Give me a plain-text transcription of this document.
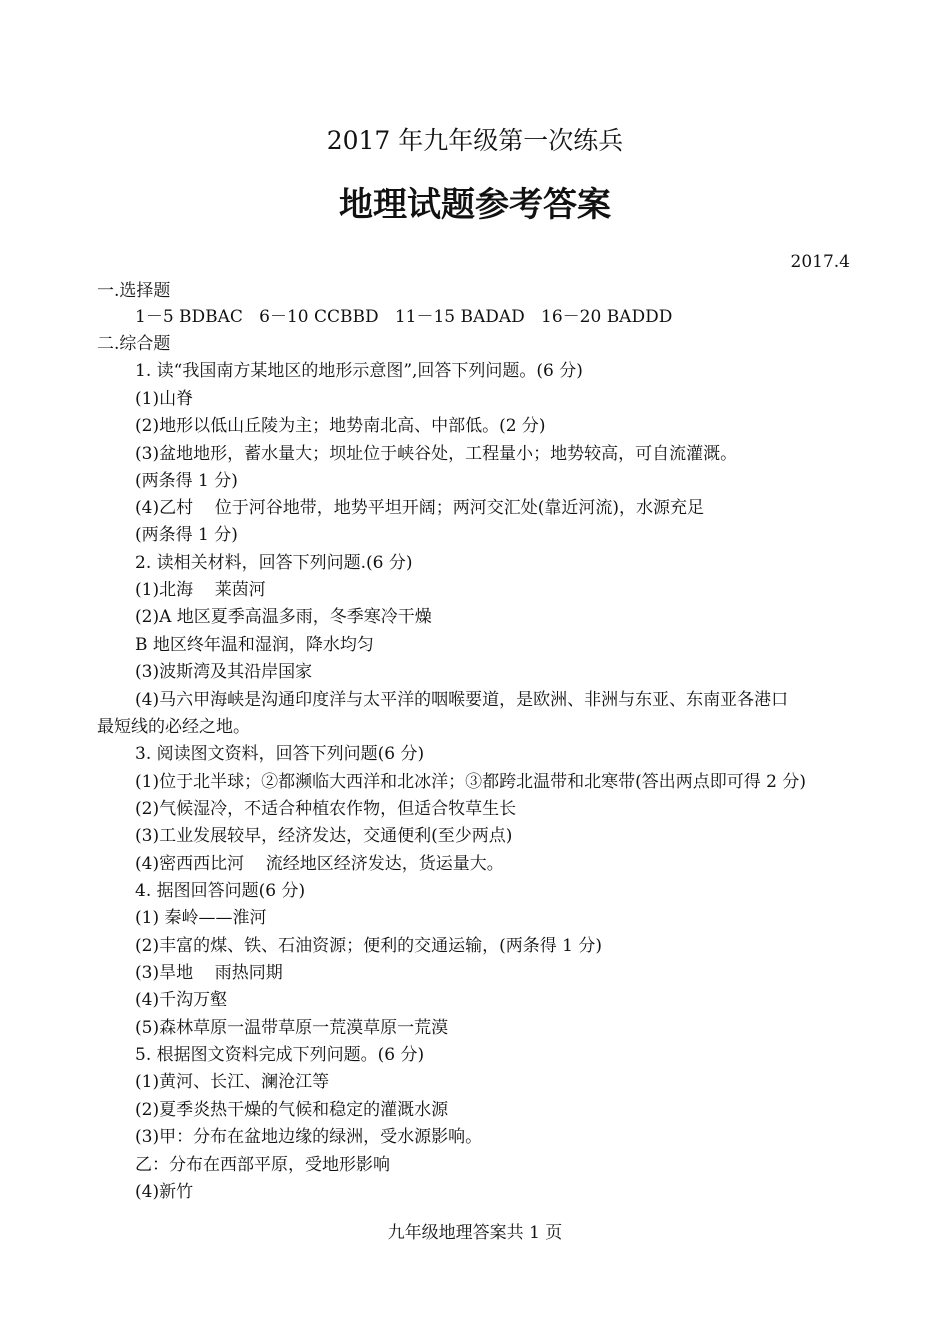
2017 年九年级第一次练兵
地理试题参考答案
2017.4
一.选择题
1－5 BDBAC   6－10 CCBBD   11－15 BADAD   16－20 BADDD
二.综合题
1. 读“我国南方某地区的地形示意图”,回答下列问题。(6 分)
(1)山脊
(2)地形以低山丘陵为主；地势南北高、中部低。(2 分)
(3)盆地地形，蓄水量大；坝址位于峡谷处，工程量小；地势较高，可自流灌溉。
(两条得 1 分)
(4)乙村    位于河谷地带，地势平坦开阔；两河交汇处(靠近河流)，水源充足
(两条得 1 分)
2. 读相关材料，回答下列问题.(6 分)
(1)北海    莱茵河
(2)A 地区夏季高温多雨，冬季寒冷干燥
B 地区终年温和湿润，降水均匀
(3)波斯湾及其沿岸国家
(4)马六甲海峡是沟通印度洋与太平洋的咽喉要道，是欧洲、非洲与东亚、东南亚各港口
最短线的必经之地。
3. 阅读图文资料，回答下列问题(6 分)
(1)位于北半球；②都濒临大西洋和北冰洋；③都跨北温带和北寒带(答出两点即可得 2 分)
(2)气候湿冷，不适合种植农作物，但适合牧草生长
(3)工业发展较早，经济发达，交通便利(至少两点)
(4)密西西比河    流经地区经济发达，货运量大。
4. 据图回答问题(6 分)
(1) 秦岭——淮河
(2)丰富的煤、铁、石油资源；便利的交通运输，(两条得 1 分)
(3)旱地    雨热同期
(4)千沟万壑
(5)森林草原一温带草原一荒漠草原一荒漠
5. 根据图文资料完成下列问题。(6 分)
(1)黄河、长江、澜沧江等
(2)夏季炎热干燥的气候和稳定的灌溉水源
(3)甲：分布在盆地边缘的绿洲，受水源影响。
乙：分布在西部平原，受地形影响
(4)新竹
九年级地理答案共 1 页
